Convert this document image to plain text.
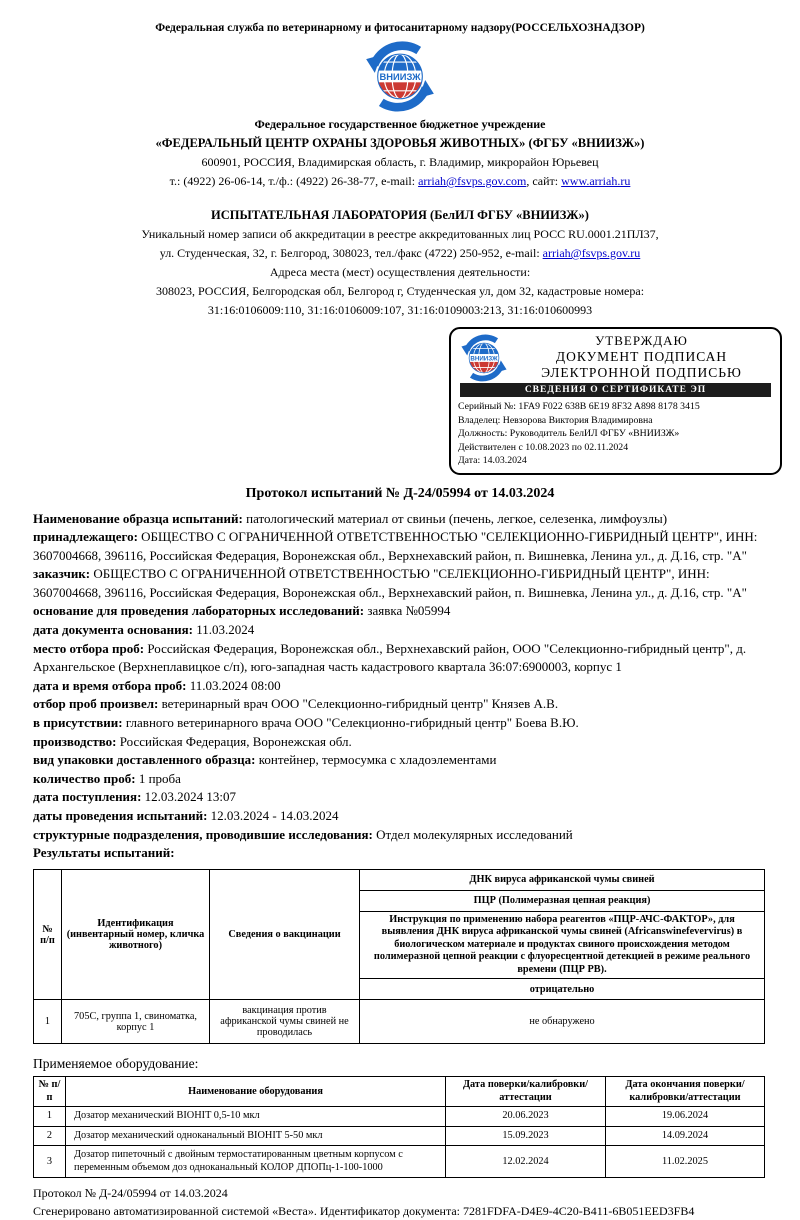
Федеральная служба по ветеринарному и фитосанитарному надзору(РОССЕЛЬХОЗНАДЗОР)
Федеральное государственное бюджетное учреждение
«ФЕДЕРАЛЬНЫЙ ЦЕНТР ОХРАНЫ ЗДОРОВЬЯ ЖИВОТНЫХ» (ФГБУ «ВНИИЗЖ»)
600901, РОССИЯ, Владимирская область, г. Владимир, микрорайон Юрьевец
т.: (4922) 26-06-14, т./ф.: (4922) 26-38-77, e-mail: arriah@fsvps.gov.com, сайт: www.arriah.ru
ИСПЫТАТЕЛЬНАЯ ЛАБОРАТОРИЯ (БелИЛ ФГБУ «ВНИИЗЖ»)
Уникальный номер записи об аккредитации в реестре аккредитованных лиц РОСС RU.0001.21ПЛ37,
ул. Студенческая, 32, г. Белгород, 308023, тел./факс (4722) 250-952, e-mail: arriah@fsvps.gov.ru
Адреса места (мест) осуществления деятельности:
308023, РОССИЯ, Белгородская обл, Белгород г, Студенческая ул, дом 32, кадастровые номера:
31:16:0106009:110, 31:16:0106009:107, 31:16:0109003:213, 31:16:010600993
УТВЕРЖДАЮ
ДОКУМЕНТ ПОДПИСАН
ЭЛЕКТРОННОЙ ПОДПИСЬЮ
СВЕДЕНИЯ О СЕРТИФИКАТЕ ЭП
Серийный №: 1FA9 F022 638B 6E19 8F32 A898 8178 3415
Владелец: Невзорова Виктория Владимировна
Должность: Руководитель БелИЛ ФГБУ «ВНИИЗЖ»
Действителен с 10.08.2023 по 02.11.2024
Дата: 14.03.2024
Протокол испытаний № Д-24/05994 от 14.03.2024

Наименование образца испытаний: патологический материал от свиньи (печень, легкое, селезенка, лимфоузлы)

принадлежащего: ОБЩЕСТВО С ОГРАНИЧЕННОЙ ОТВЕТСТВЕННОСТЬЮ "СЕЛЕКЦИОННО-ГИБРИДНЫЙ ЦЕНТР", ИНН: 3607004668, 396116, Российская Федерация, Воронежская обл., Верхнехавский район, п. Вишневка, Ленина ул., д. Д.16, стр. "А"

заказчик: ОБЩЕСТВО С ОГРАНИЧЕННОЙ ОТВЕТСТВЕННОСТЬЮ "СЕЛЕКЦИОННО-ГИБРИДНЫЙ ЦЕНТР", ИНН: 3607004668, 396116, Российская Федерация, Воронежская обл., Верхнехавский район, п. Вишневка, Ленина ул., д. Д.16, стр. "А"

основание для проведения лабораторных исследований: заявка №05994

дата документа основания: 11.03.2024

место отбора проб: Российская Федерация, Воронежская обл., Верхнехавский район, ООО "Селекционно-гибридный центр", д. Архангельское (Верхнеплавицкое с/п), юго-западная часть кадастрового квартала 36:07:6900003, корпус 1

дата и время отбора проб: 11.03.2024 08:00

отбор проб произвел: ветеринарный врач ООО "Селекционно-гибридный центр" Князев А.В.

в присутствии: главного ветеринарного врача ООО "Селекционно-гибридный центр" Боева В.Ю.

производство: Российская Федерация, Воронежская обл.

вид упаковки доставленного образца: контейнер, термосумка с хладоэлементами

количество проб: 1 проба

дата поступления: 12.03.2024 13:07

даты проведения испытаний: 12.03.2024 - 14.03.2024

структурные подразделения, проводившие исследования: Отдел молекулярных исследований

Результаты испытаний:
№ п/п	Идентификация (инвентарный номер, кличка животного)	Сведения о вакцинации	ДНК вируса африканской чумы свиней
			ПЦР (Полимеразная цепная реакция)
			Инструкция по применению набора реагентов «ПЦР-АЧС-ФАКТОР», для выявления ДНК вируса африканской чумы свиней (Africanswinefevervirus) в биологическом материале и продуктах свиного происхождения методом полимеразной цепной реакции с флуоресцентной детекцией в режиме реального времени (ПЦР РВ).
			отрицательно
1	705С, группа 1, свиноматка, корпус 1	вакцинация против африканской чумы свиней не проводилась	не обнаружено
Применяемое оборудование:
№ п/п	Наименование оборудования	Дата поверки/калибровки/аттестации	Дата окончания поверки/калибровки/аттестации
1	Дозатор механический BIOHIT 0,5-10 мкл	20.06.2023	19.06.2024
2	Дозатор механический одноканальный BIOHIT 5-50 мкл	15.09.2023	14.09.2024
3	Дозатор пипеточный с двойным термостатированным цветным корпусом с переменным объемом доз одноканальный КОЛОР ДПОПц-1-100-1000	12.02.2024	11.02.2025

Протокол № Д-24/05994 от 14.03.2024

Сгенерировано автоматизированной системой «Веста». Идентификатор документа: 7281FDFA-D4E9-4C20-B411-6B051EED3FB4
